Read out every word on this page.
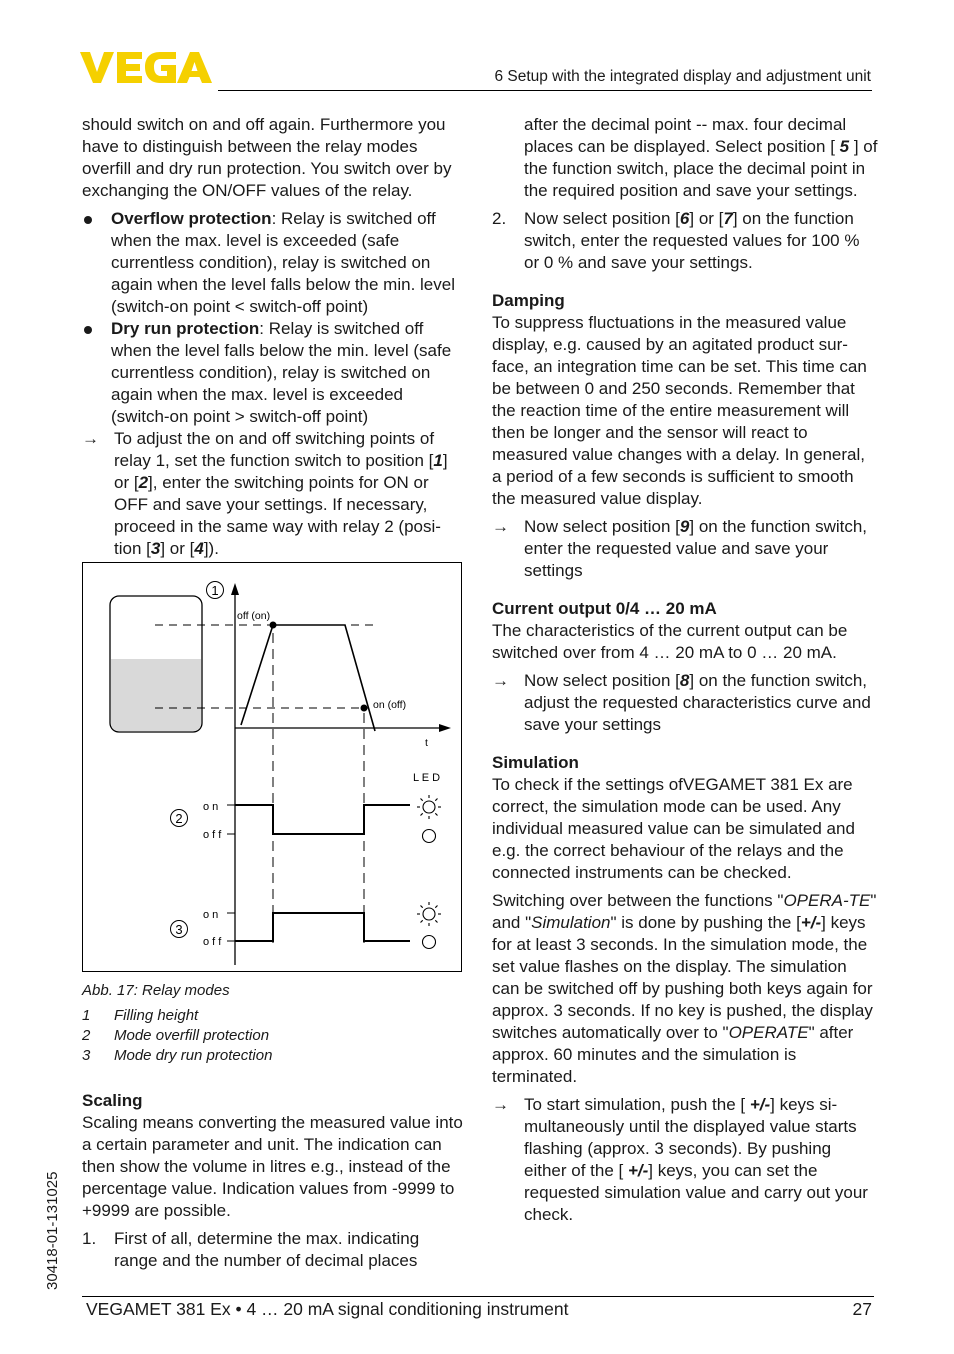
6 Setup with the integrated display and adjustment unit

should switch on and off again. Furthermore you have to distinguish between the relay modes overfill and dry run protection. You switch over by exchanging the ON/OFF values of the relay.

Overflow protection: Relay is switched off when the max. level is exceeded (safe currentless condition), relay is switched on again when the level falls below the min. level (switch-on point < switch-off point)
Dry run protection: Relay is switched off when the level falls below the min. level (safe currentless condition), relay is switched on again when the max. level is exceeded (switch-on point > switch-off point)
→ To adjust the on and off switching points of relay 1, set the function switch to position [1] or [2], enter the switching points for ON or OFF and save your settings. If necessary, proceed in the same way with relay 2 (posi-tion [3] or [4]).
off (on)
on (off)
t
L E D
o n
o f f
o n
o f f
1
2
3
Abb. 17: Relay modes
1 Filling height
2 Mode overfill protection
3 Mode dry run protection

Scaling

Scaling means converting the measured value into a certain parameter and unit. The indication can then show the volume in litres e.g., instead of the percentage value. Indication values from -9999 to +9999 are possible.

1. First of all, determine the max. indicating range and the number of decimal places
after the decimal point -- max. four decimal places can be displayed. Select position [ 5 ] of the function switch, place the decimal point in the required position and save your settings.
2. Now select position [6] or [7] on the function switch, enter the requested values for 100 % or 0 % and save your settings.

Damping

To suppress fluctuations in the measured value display, e.g. caused by an agitated product sur-face, an integration time can be set. This time can be between 0 and 250 seconds. Remember that the reaction time of the entire measurement will then be longer and the sensor will react to measured value changes with a delay. In general, a period of a few seconds is sufficient to smooth the measured value display.

→ Now select position [9] on the function switch, enter the requested value and save your settings

Current output 0/4 … 20 mA

The characteristics of the current output can be switched over from 4 … 20 mA to 0 … 20 mA.

→ Now select position [8] on the function switch, adjust the requested characteristics curve and save your settings

Simulation

To check if the settings ofVEGAMET 381 Ex are correct, the simulation mode can be used. Any individual measured value can be simulated and e.g. the correct behaviour of the relays and the connected instruments can be checked.

Switching over between the functions "OPERA-TE" and "Simulation" is done by pushing the [+/-] keys for at least 3 seconds. In the simulation mode, the set value flashes on the display. The simulation can be switched off by pushing both keys again for approx. 3 seconds. If no key is pushed, the display switches automatically over to "OPERATE" after approx. 60 minutes and the simulation is terminated.

→ To start simulation, push the [ +/-] keys si-multaneously until the displayed value starts flashing (approx. 3 seconds). By pushing either of the [ +/-] keys, you can set the requested simulation value and carry out your check.
30418-01-131025
VEGAMET 381 Ex • 4 … 20 mA signal conditioning instrument	27
